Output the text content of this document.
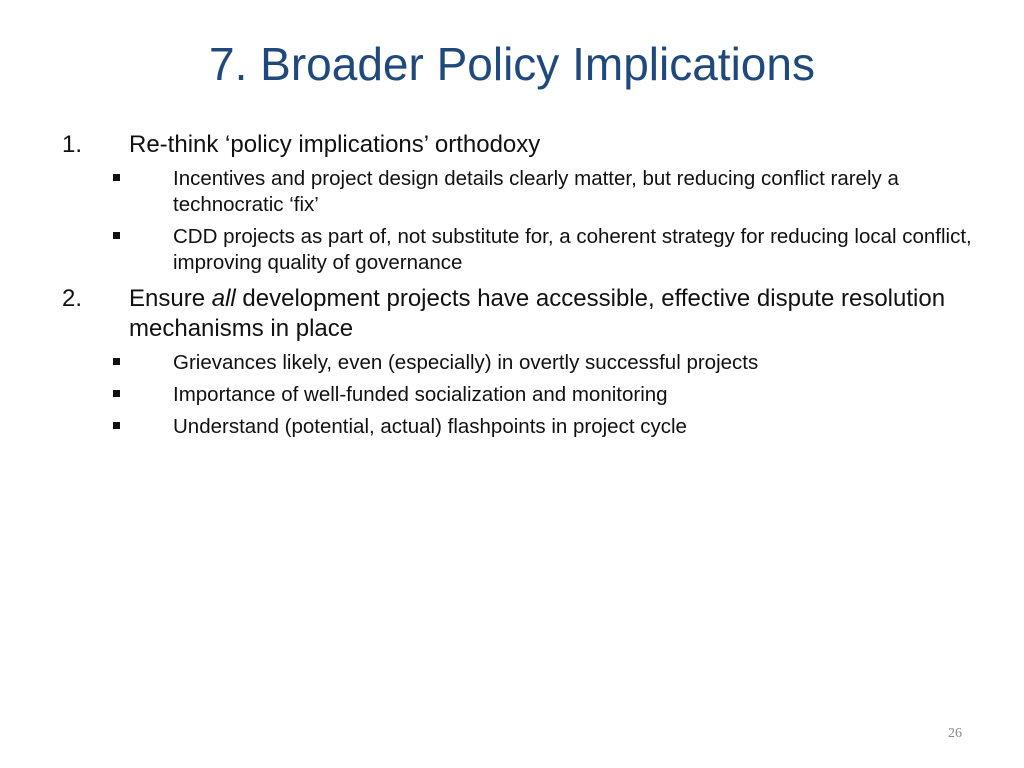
7. Broader Policy Implications
1. Re-think ‘policy implications’ orthodoxy
Incentives and project design details clearly matter, but reducing conflict rarely a technocratic ‘fix’
CDD projects as part of, not substitute for, a coherent strategy for reducing local conflict, improving quality of governance
2. Ensure all development projects have accessible, effective dispute resolution mechanisms in place
Grievances likely, even (especially) in overtly successful projects
Importance of well-funded socialization and monitoring
Understand (potential, actual) flashpoints in project cycle
26
